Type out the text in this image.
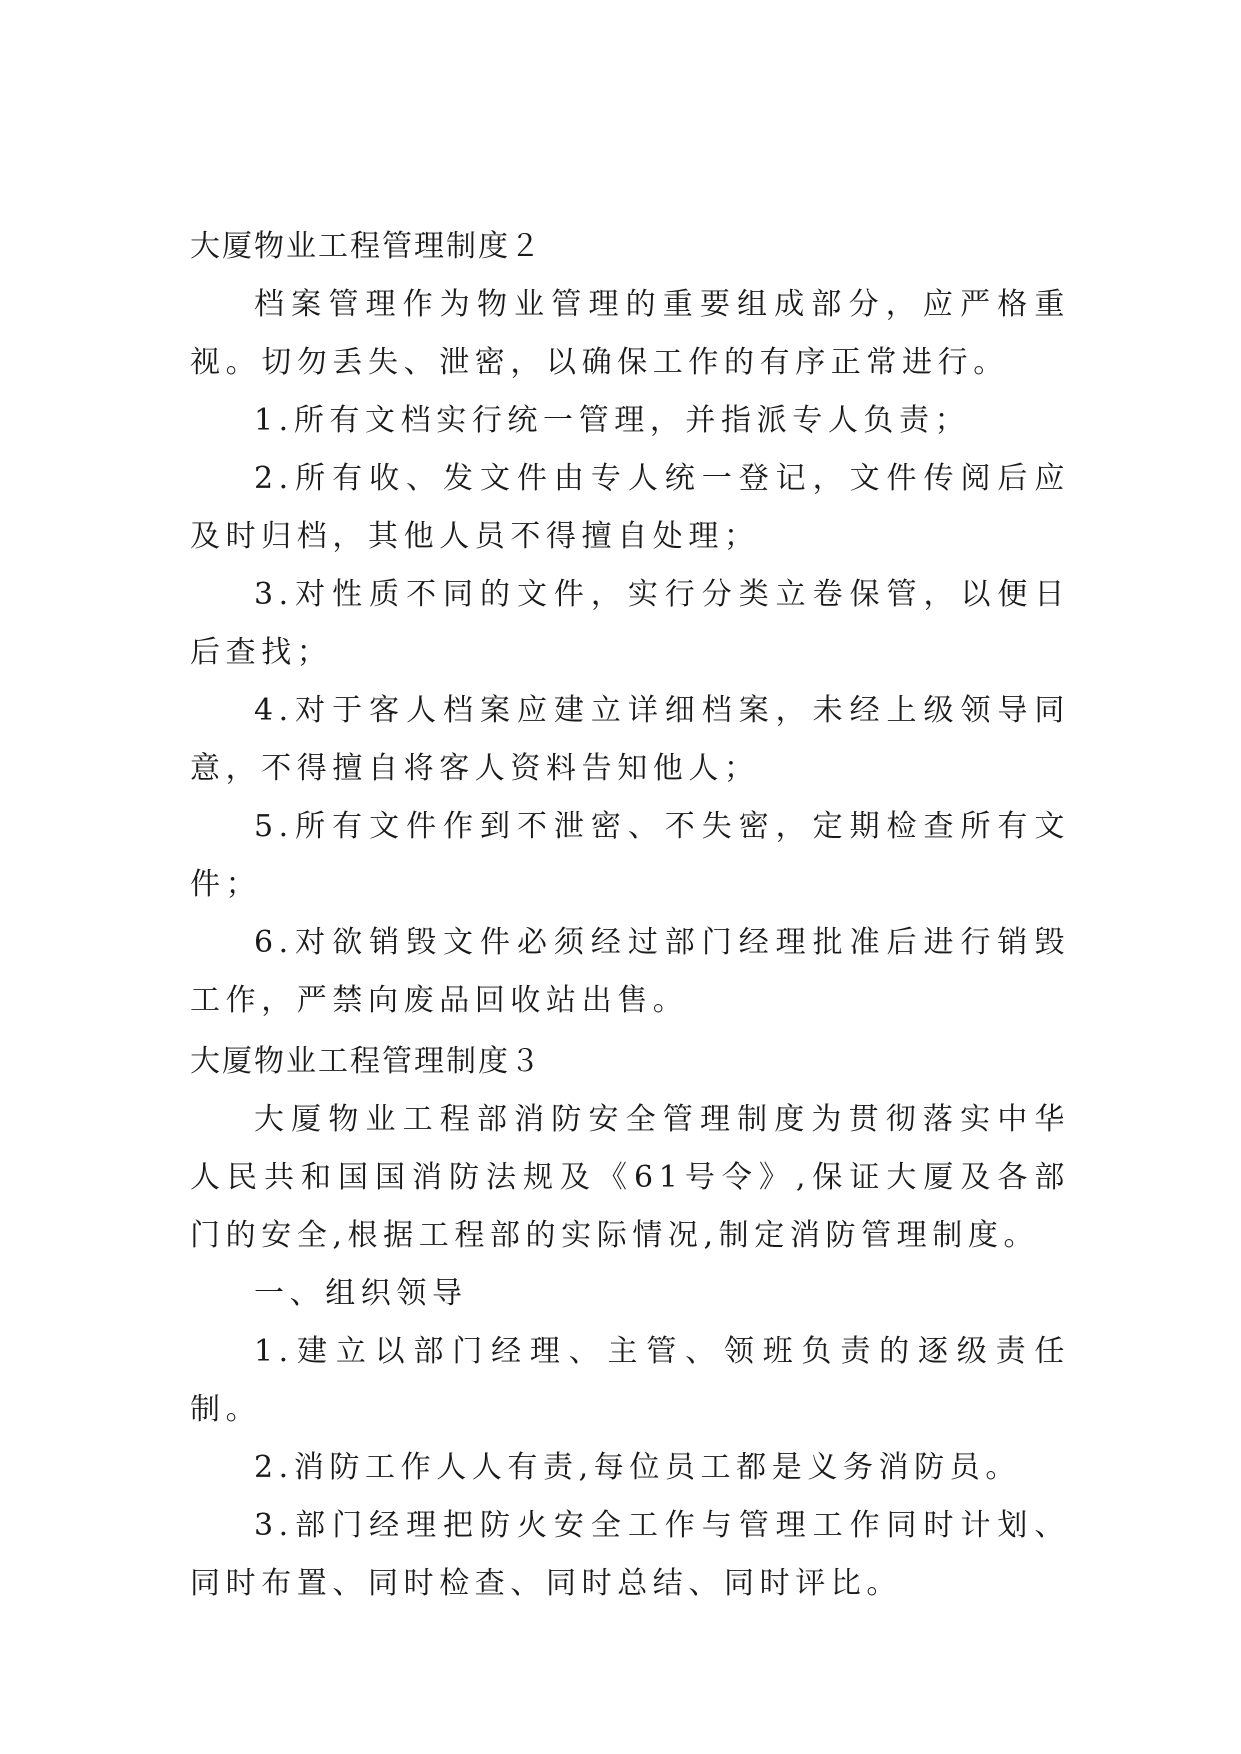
大厦物业工程管理制度２

档案管理作为物业管理的重要组成部分，应严格重视。切勿丢失、泄密，以确保工作的有序正常进行。

1.所有文档实行统一管理，并指派专人负责；

2.所有收、发文件由专人统一登记，文件传阅后应及时归档，其他人员不得擅自处理；

3.对性质不同的文件，实行分类立卷保管，以便日后查找；

4.对于客人档案应建立详细档案，未经上级领导同意，不得擅自将客人资料告知他人；

5.所有文件作到不泄密、不失密，定期检查所有文件；

6.对欲销毁文件必须经过部门经理批准后进行销毁工作，严禁向废品回收站出售。

大厦物业工程管理制度３

大厦物业工程部消防安全管理制度为贯彻落实中华人民共和国国消防法规及《61号令》,保证大厦及各部门的安全,根据工程部的实际情况,制定消防管理制度。

一、组织领导

1.建立以部门经理、主管、领班负责的逐级责任制。

2.消防工作人人有责,每位员工都是义务消防员。

3.部门经理把防火安全工作与管理工作同时计划、同时布置、同时检查、同时总结、同时评比。
